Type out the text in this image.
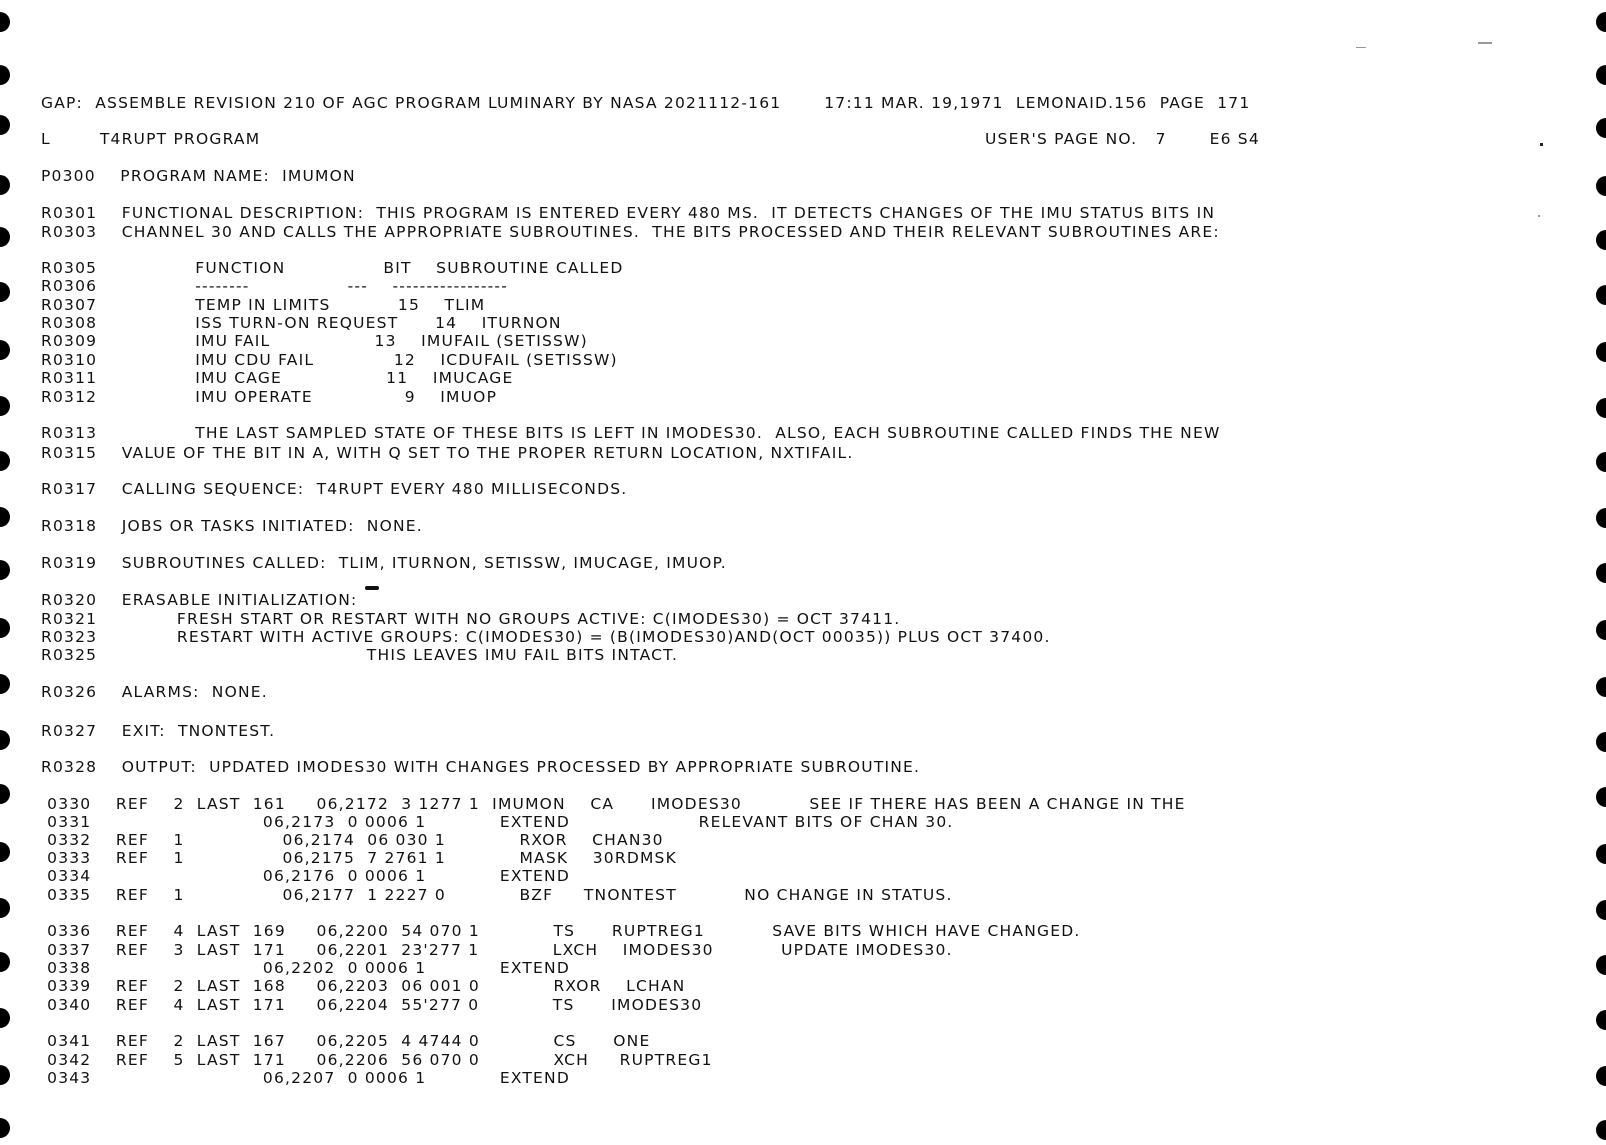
GAP:  ASSEMBLE REVISION 210 OF AGC PROGRAM LUMINARY BY NASA 2021112-161       17:11 MAR. 19,1971  LEMONAID.156  PAGE  171
L        T4RUPT PROGRAM	USER'S PAGE NO.   7       E6 S4
P0300    PROGRAM NAME:  IMUMON
R0301    FUNCTIONAL DESCRIPTION:  THIS PROGRAM IS ENTERED EVERY 480 MS.  IT DETECTS CHANGES OF THE IMU STATUS BITS IN
R0303    CHANNEL 30 AND CALLS THE APPROPRIATE SUBROUTINES.  THE BITS PROCESSED AND THEIR RELEVANT SUBROUTINES ARE:
R0305                FUNCTION                BIT    SUBROUTINE CALLED
R0306                --------                ---    -----------------
R0307                TEMP IN LIMITS           15    TLIM
R0308                ISS TURN-ON REQUEST      14    ITURNON
R0309                IMU FAIL                 13    IMUFAIL (SETISSW)
R0310                IMU CDU FAIL             12    ICDUFAIL (SETISSW)
R0311                IMU CAGE                 11    IMUCAGE
R0312                IMU OPERATE               9    IMUOP
R0313                THE LAST SAMPLED STATE OF THESE BITS IS LEFT IN IMODES30.  ALSO, EACH SUBROUTINE CALLED FINDS THE NEW
R0315    VALUE OF THE BIT IN A, WITH Q SET TO THE PROPER RETURN LOCATION, NXTIFAIL.
R0317    CALLING SEQUENCE:  T4RUPT EVERY 480 MILLISECONDS.
R0318    JOBS OR TASKS INITIATED:  NONE.
R0319    SUBROUTINES CALLED:  TLIM, ITURNON, SETISSW, IMUCAGE, IMUOP.
R0320    ERASABLE INITIALIZATION:
R0321             FRESH START OR RESTART WITH NO GROUPS ACTIVE: C(IMODES30) = OCT 37411.
R0323             RESTART WITH ACTIVE GROUPS: C(IMODES30) = (B(IMODES30)AND(OCT 00035)) PLUS OCT 37400.
R0325                                            THIS LEAVES IMU FAIL BITS INTACT.
R0326    ALARMS:  NONE.
R0327    EXIT:  TNONTEST.
R0328    OUTPUT:  UPDATED IMODES30 WITH CHANGES PROCESSED BY APPROPRIATE SUBROUTINE.
0330    REF    2  LAST  161     06,2172  3 1277 1  IMUMON    CA      IMODES30           SEE IF THERE HAS BEEN A CHANGE IN THE
0331                            06,2173  0 0006 1            EXTEND                     RELEVANT BITS OF CHAN 30.
0332    REF    1                06,2174  06 030 1            RXOR    CHAN30
0333    REF    1                06,2175  7 2761 1            MASK    30RDMSK
0334                            06,2176  0 0006 1            EXTEND
0335    REF    1                06,2177  1 2227 0            BZF     TNONTEST           NO CHANGE IN STATUS.
0336    REF    4  LAST  169     06,2200  54 070 1            TS      RUPTREG1           SAVE BITS WHICH HAVE CHANGED.
0337    REF    3  LAST  171     06,2201  23'277 1            LXCH    IMODES30           UPDATE IMODES30.
0338                            06,2202  0 0006 1            EXTEND
0339    REF    2  LAST  168     06,2203  06 001 0            RXOR    LCHAN
0340    REF    4  LAST  171     06,2204  55'277 0            TS      IMODES30
0341    REF    2  LAST  167     06,2205  4 4744 0            CS      ONE
0342    REF    5  LAST  171     06,2206  56 070 0            XCH     RUPTREG1
0343                            06,2207  0 0006 1            EXTEND
